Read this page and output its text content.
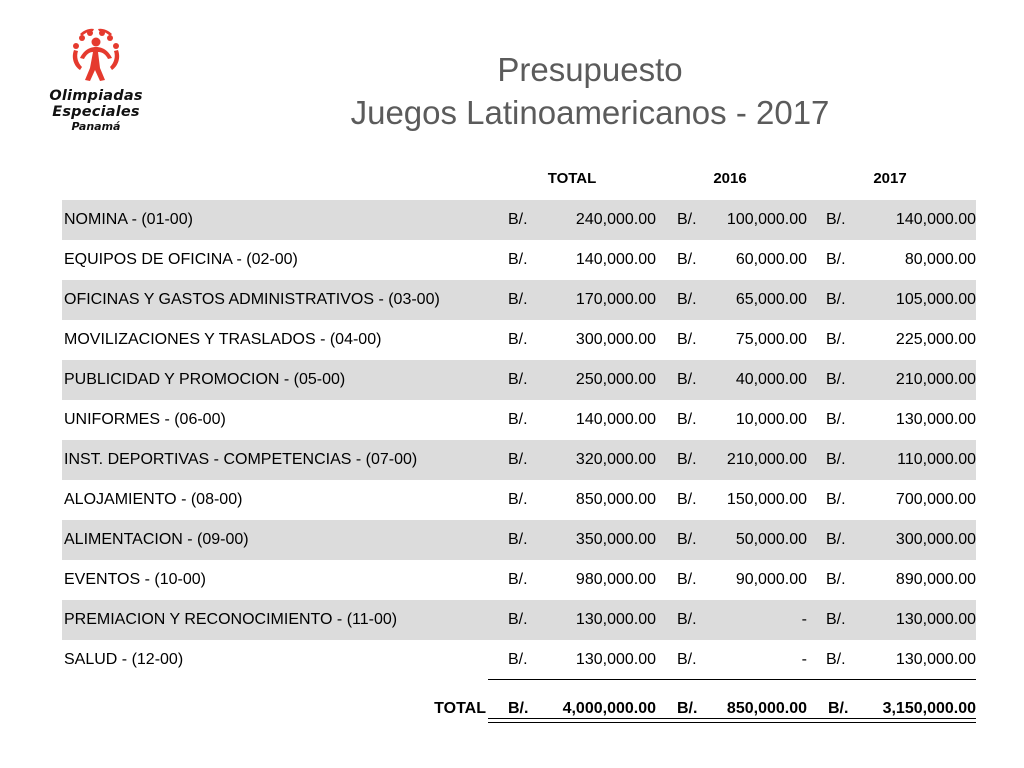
Olimpiadas
Especiales
Panamá
Presupuesto
Juegos Latinoamericanos - 2017
TOTAL	2016	2017
NOMINA - (01-00)	B/.	240,000.00 B/.	100,000.00 B/.	140,000.00
EQUIPOS DE OFICINA - (02-00)	B/.	140,000.00 B/.	60,000.00 B/.	80,000.00
OFICINAS Y GASTOS ADMINISTRATIVOS - (03-00)	B/.	170,000.00 B/.	65,000.00 B/.	105,000.00
MOVILIZACIONES Y TRASLADOS - (04-00)	B/.	300,000.00 B/.	75,000.00 B/.	225,000.00
PUBLICIDAD Y PROMOCION - (05-00)	B/.	250,000.00 B/.	40,000.00 B/.	210,000.00
UNIFORMES - (06-00)	B/.	140,000.00 B/.	10,000.00 B/.	130,000.00
INST. DEPORTIVAS - COMPETENCIAS - (07-00)	B/.	320,000.00 B/.	210,000.00 B/.	110,000.00
ALOJAMIENTO - (08-00)	B/.	850,000.00 B/.	150,000.00 B/.	700,000.00
ALIMENTACION - (09-00)	B/.	350,000.00 B/.	50,000.00 B/.	300,000.00
EVENTOS - (10-00)	B/.	980,000.00 B/.	90,000.00 B/.	890,000.00
PREMIACION Y RECONOCIMIENTO - (11-00)	B/.	130,000.00 B/.	- B/.	130,000.00
SALUD - (12-00)	B/.	130,000.00 B/.	- B/.	130,000.00
TOTAL B/.	4,000,000.00 B/.	850,000.00 B/.	3,150,000.00
